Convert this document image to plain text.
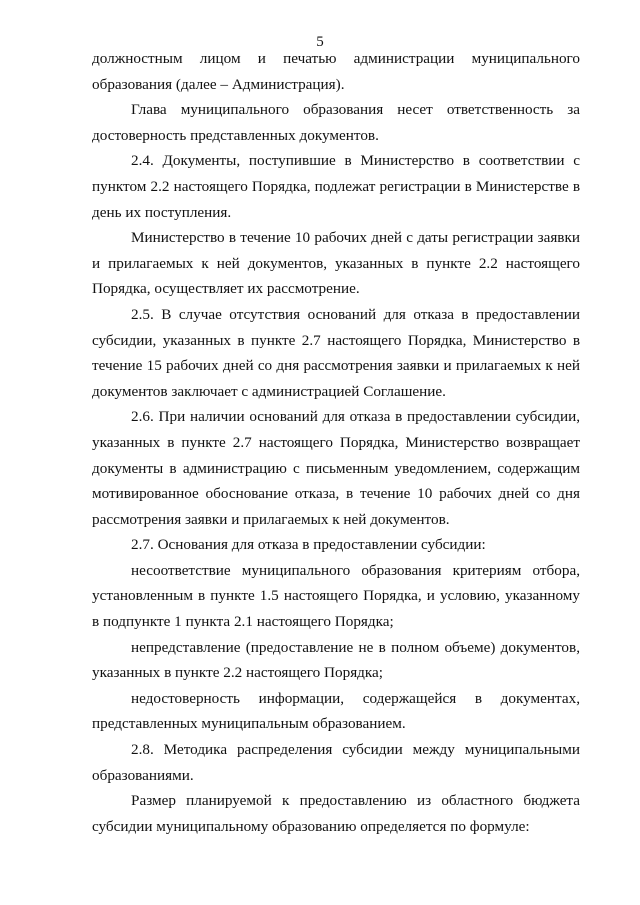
5

должностным лицом и печатью администрации муниципального образования (далее – Администрация).

Глава муниципального образования несет ответственность за достоверность представленных документов.

2.4. Документы, поступившие в Министерство в соответствии с пунктом 2.2 настоящего Порядка, подлежат регистрации в Министерстве в день их поступления.

Министерство в течение 10 рабочих дней с даты регистрации заявки и прилагаемых к ней документов, указанных в пункте 2.2 настоящего Порядка, осуществляет их рассмотрение.

2.5. В случае отсутствия оснований для отказа в предоставлении субсидии, указанных в пункте 2.7 настоящего Порядка, Министерство в течение 15 рабочих дней со дня рассмотрения заявки и прилагаемых к ней документов заключает с администрацией Соглашение.

2.6. При наличии оснований для отказа в предоставлении субсидии, указанных в пункте 2.7 настоящего Порядка, Министерство возвращает документы в администрацию с письменным уведомлением, содержащим мотивированное обоснование отказа, в течение 10 рабочих дней со дня рассмотрения заявки и прилагаемых к ней документов.

2.7. Основания для отказа в предоставлении субсидии:

несоответствие муниципального образования критериям отбора, установленным в пункте 1.5 настоящего Порядка, и условию, указанному в подпункте 1 пункта 2.1 настоящего Порядка;

непредставление (предоставление не в полном объеме) документов, указанных в пункте 2.2 настоящего Порядка;

недостоверность информации, содержащейся в документах, представленных муниципальным образованием.

2.8. Методика распределения субсидии между муниципальными образованиями.

Размер планируемой к предоставлению из областного бюджета субсидии муниципальному образованию определяется по формуле:
